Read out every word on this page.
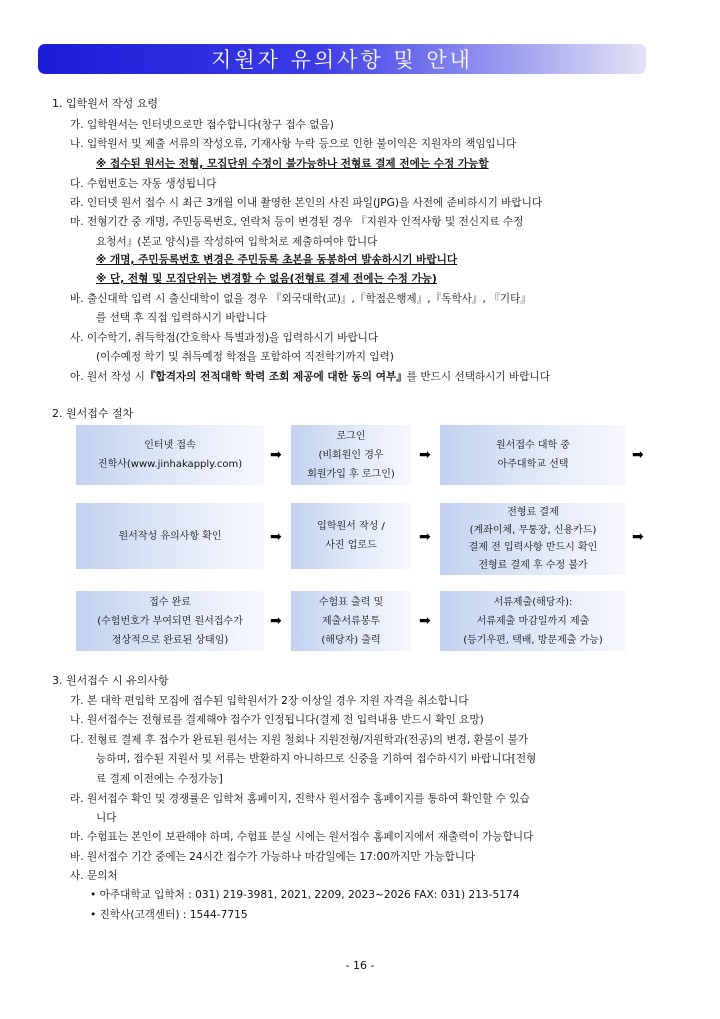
지원자 유의사항 및 안내
1. 입학원서 작성 요령
가. 입학원서는 인터넷으로만 접수합니다(창구 접수 없음)
나. 입학원서 및 제출 서류의 작성오류, 기재사항 누락 등으로 인한 불이익은 지원자의 책임입니다
※ 접수된 원서는 전형, 모집단위 수정이 불가능하나 전형료 결제 전에는 수정 가능함
다. 수험번호는 자동 생성됩니다
라. 인터넷 원서 접수 시 최근 3개월 이내 촬영한 본인의 사진 파일(JPG)을 사전에 준비하시기 바랍니다
마. 전형기간 중 개명, 주민등록번호, 연락처 등이 변경된 경우 『지원자 인적사항 및 전신지료 수정
요청서』(본교 양식)를 작성하여 입학처로 제출하여야 합니다
※ 개명, 주민등록번호 변경은 주민등록 초본을 동봉하여 발송하시기 바랍니다
※ 단, 전형 및 모집단위는 변경할 수 없음(전형료 결제 전에는 수정 가능)
바. 출신대학 입력 시 출신대학이 없을 경우 『외국대학(교)』,『학점은행제』,『독학사』, 『기타』
를 선택 후 직접 입력하시기 바랍니다
사. 이수학기, 취득학점(간호학사 특별과정)을 입력하시기 바랍니다
(이수예정 학기 및 취득예정 학점을 포함하여 직전학기까지 입력)
아. 원서 작성 시『합격자의 전적대학 학력 조회 제공에 대한 동의 여부』를 반드시 선택하시기 바랍니다
2. 원서접수 절차
인터넷 접속
진학사(www.jinhakapply.com)
로그인
(비회원인 경우
회원가입 후 로그인)
원서접수 대학 중
아주대학교 선택
원서작성 유의사항 확인
입학원서 작성 /
사진 업로드
전형료 결제
(계좌이체, 무통장, 신용카드)
결제 전 입력사항 반드시 확인
전형료 결제 후 수정 불가
접수 완료
(수험번호가 부여되면 원서접수가
정상적으로 완료된 상태임)
수험표 출력 및
제출서류봉투
(해당자) 출력
서류제출(해당자):
서류제출 마감일까지 제출
(등기우편, 택배, 방문제출 가능)
➡	➡	➡
➡	➡	➡
➡	➡
3. 원서접수 시 유의사항
가. 본 대학 편입학 모집에 접수된 입학원서가 2장 이상일 경우 지원 자격을 취소합니다
나. 원서접수는 전형료를 결제해야 접수가 인정됩니다(결제 전 입력내용 반드시 확인 요망)
다. 전형료 결제 후 접수가 완료된 원서는 지원 철회나 지원전형/지원학과(전공)의 변경, 환불이 불가
능하며, 접수된 지원서 및 서류는 반환하지 아니하므로 신중을 기하여 접수하시기 바랍니다[전형
료 결제 이전에는 수정가능]
라. 원서접수 확인 및 경쟁률은 입학처 홈페이지, 진학사 원서접수 홈페이지를 통하여 확인할 수 있습
니다
마. 수험표는 본인이 보관해야 하며, 수험표 분실 시에는 원서접수 홈페이지에서 재출력이 가능합니다
바. 원서접수 기간 중에는 24시간 접수가 가능하나 마감일에는 17:00까지만 가능합니다
사. 문의처
• 아주대학교 입학처 : 031) 219-3981, 2021, 2209, 2023~2026 FAX: 031) 213-5174
• 진학사(고객센터) : 1544-7715
- 16 -
